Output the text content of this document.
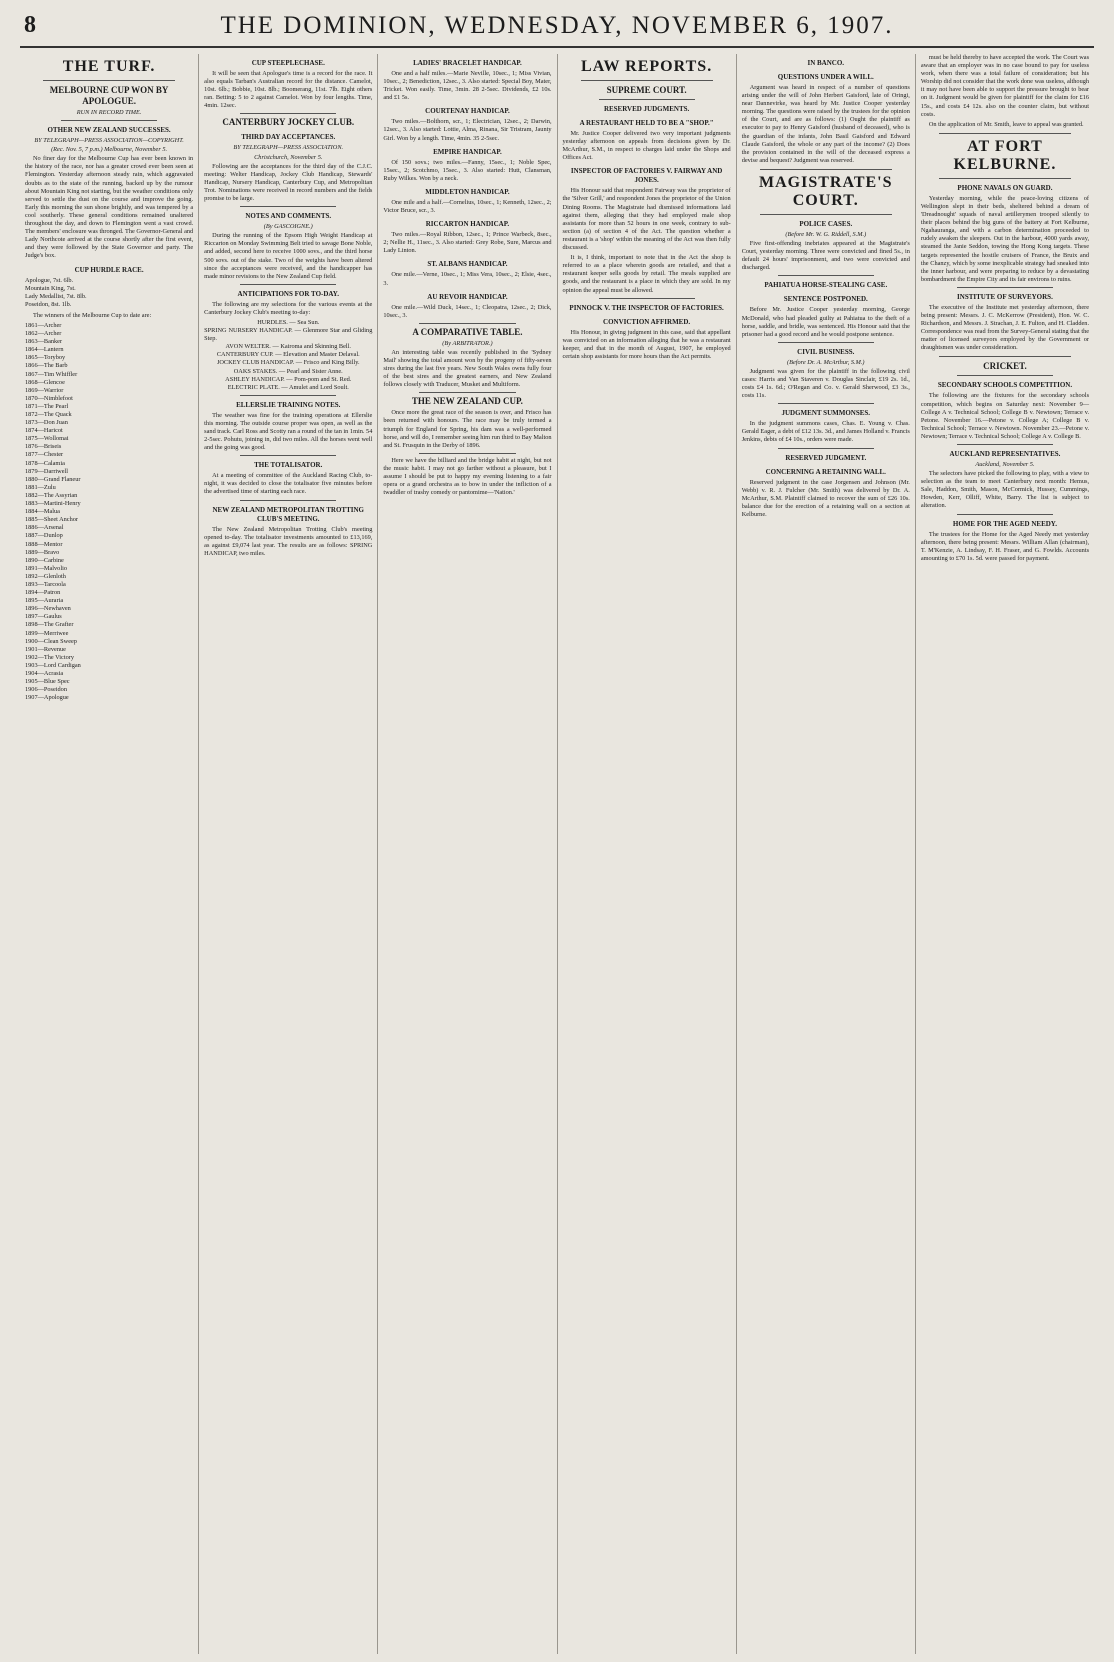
8	THE DOMINION, WEDNESDAY, NOVEMBER 6, 1907.
THE TURF.
MELBOURNE CUP WON BY APOLOGUE.
RUN IN RECORD TIME.
OTHER NEW ZEALAND SUCCESSES.
BY TELEGRAPH—PRESS ASSOCIATION—COPYRIGHT.
(Rec. Nov. 5, 7 p.m.) Melbourne, November 5.

No finer day for the Melbourne Cup has ever been known in the history of the race, nor has a greater crowd ever been seen at Flemington. Yesterday afternoon steady rain, which aggravated doubts as to the state of the running, backed up by the rumour about Mountain King not starting, but the weather conditions only served to settle the dust on the course and improve the going. Early this morning the sun shone brightly, and was tempered by a cool southerly. These general conditions remained unaltered throughout the day, and down to Flemington went a vast crowd. The members' enclosure was thronged. The Governor-General and Lady Northcote arrived at the course shortly after the first event, and they were followed by the State Governor and party. The Judge's box.

CUP HURDLE RACE.
Apologue, 7st. 6lb.
Mountain King, 7st.
Lady Medallist, 7st. 8lb.
Poseidon, 8st. 1lb.

The winners of the Melbourne Cup to date are:

1861—Archer
1862—Archer
1863—Banker
1864—Lantern
1865—Toryboy
1866—The Barb
1867—Tim Whiffler
1868—Glencoe
1869—Warrior
1870—Nimblefoot
1871—The Pearl
1872—The Quack
1873—Don Juan
1874—Haricot
1875—Wollomai
1876—Briseis
1877—Chester
1878—Calamia
1879—Darriwell
1880—Grand Flaneur
1881—Zulu
1882—The Assyrian
1883—Martini-Henry
1884—Malua
1885—Sheet Anchor
1886—Arsenal
1887—Dunlop
1888—Mentor
1889—Bravo
1890—Carbine
1891—Malvolio
1892—Glenloth
1893—Tarcoola
1894—Patron
1895—Auraria
1896—Newhaven
1897—Gaulus
1898—The Grafter
1899—Merriwee
1900—Clean Sweep
1901—Revenue
1902—The Victory
1903—Lord Cardigan
1904—Acrasia
1905—Blue Spec
1906—Poseidon
1907—Apologue
CUP STEEPLECHASE.

It will be seen that Apologue's time is a record for the race. It also equals Tarban's Australian record for the distance. Camelot, 10st. 6lb.; Bobbie, 10st. 8lb.; Boomerang, 11st. 7lb. Eight others ran. Betting: 5 to 2 against Camelot. Won by four lengths. Time, 4min. 12sec.

CANTERBURY JOCKEY CLUB.
THIRD DAY ACCEPTANCES.
BY TELEGRAPH—PRESS ASSOCIATION.
Christchurch, November 5.

Following are the acceptances for the third day of the C.J.C. meeting: Welter Handicap, Jockey Club Handicap, Stewards' Handicap, Nursery Handicap, Canterbury Cup, and Metropolitan Trot. Nominations were received in record numbers and the fields promise to be large.

NOTES AND COMMENTS.
(By GASCOIGNE.)

During the running of the Epsom High Weight Handicap at Riccarton on Monday Swimming Belt tried to savage Bone Noble, and added, second here to receive 1000 sovs., and the third horse 500 sovs. out of the stake. Two of the weights have been altered since the acceptances were received, and the handicapper has made minor revisions to the New Zealand Cup field.

ANTICIPATIONS FOR TO-DAY.

The following are my selections for the various events at the Canterbury Jockey Club's meeting to-day:

HURDLES. — Sea Sun.
SPRING NURSERY HANDICAP. — Glenmore Star and Gliding Step.
AVON WELTER. — Kairoma and Skinning Bell.
CANTERBURY CUP. — Elevation and Master Delaval.
JOCKEY CLUB HANDICAP. — Frisco and King Billy.
OAKS STAKES. — Pearl and Sister Anne.
ASHLEY HANDICAP. — Pom-pom and St. Red.
ELECTRIC PLATE. — Amulet and Lord Soult.
ELLERSLIE TRAINING NOTES.

The weather was fine for the training operations at Ellerslie this morning. The outside course proper was open, as well as the sand track. Carl Ross and Scotty ran a round of the tan in 1min. 54 2-5sec. Pohutu, joining in, did two miles. All the horses went well and the going was good.

THE TOTALISATOR.

At a meeting of committee of the Auckland Racing Club, to-night, it was decided to close the totalisator five minutes before the advertised time of starting each race.

NEW ZEALAND METROPOLITAN TROTTING CLUB'S MEETING.

The New Zealand Metropolitan Trotting Club's meeting opened to-day. The totalisator investments amounted to £13,169, as against £9,074 last year. The results are as follows: SPRING HANDICAP, two miles.

LADIES' BRACELET HANDICAP.

One and a half miles.—Marie Neville, 10sec., 1; Miss Vivian, 10sec., 2; Benediction, 12sec., 3. Also started: Special Boy, Mater, Tricket. Won easily. Time, 3min. 28 2-5sec. Dividends, £2 10s. and £1 5s.

COURTENAY HANDICAP.

Two miles.—Bolthorn, scr., 1; Electrician, 12sec., 2; Darwin, 12sec., 3. Also started: Lottie, Alma, Rinana, Sir Tristram, Jaunty Girl. Won by a length. Time, 4min. 35 2-5sec.

EMPIRE HANDICAP.

Of 150 sovs.; two miles.—Fanny, 15sec., 1; Noble Spec, 15sec., 2; Scotchmo, 15sec., 3. Also started: Hutt, Clansman, Ruby Wilkes. Won by a neck.

MIDDLETON HANDICAP.

One mile and a half.—Cornelius, 10sec., 1; Kenneth, 12sec., 2; Victor Bruce, scr., 3.

RICCARTON HANDICAP.

Two miles.—Royal Ribbon, 12sec., 1; Prince Warbeck, 8sec., 2; Nellie H., 11sec., 3. Also started: Grey Robe, Sure, Marcus and Lady Linton.

ST. ALBANS HANDICAP.

One mile.—Verne, 10sec., 1; Miss Vera, 10sec., 2; Elsie, 4sec., 3.

AU REVOIR HANDICAP.

One mile.—Wild Duck, 14sec., 1; Cleopatra, 12sec., 2; Dick, 10sec., 3.

A COMPARATIVE TABLE.
(By ARBITRATOR.)

An interesting table was recently published in the 'Sydney Mail' showing the total amount won by the progeny of fifty-seven sires during the last five years. New South Wales owns fully four of the best sires and the greatest earners, and New Zealand follows closely with Traducer, Musket and Multiform.

THE NEW ZEALAND CUP.

Once more the great race of the season is over, and Frisco has been returned with honours. The race may be truly termed a triumph for England for Spring, his dam was a well-performed horse, and will do, I remember seeing him run third to Bay Malton and St. Frusquin in the Derby of 1896.

Here we have the billiard and the bridge habit at night, but not the music habit. I may not go farther without a pleasure, but I assume I should be put to happy my evening listening to a fair opera or a grand orchestra as to bow in under the infliction of a twaddler of trashy comedy or pantomime—'Nation.'

LAW REPORTS.
SUPREME COURT.
RESERVED JUDGMENTS.
A RESTAURANT HELD TO BE A "SHOP."

Mr. Justice Cooper delivered two very important judgments yesterday afternoon on appeals from decisions given by Dr. McArthur, S.M., in respect to charges laid under the Shops and Offices Act.

INSPECTOR OF FACTORIES V. FAIRWAY AND JONES.

His Honour said that respondent Fairway was the proprietor of the 'Silver Grill,' and respondent Jones the proprietor of the Union Dining Rooms. The Magistrate had dismissed informations laid against them, alleging that they had employed male shop assistants for more than 52 hours in one week, contrary to sub-section (a) of section 4 of the Act. The question whether a restaurant is a 'shop' within the meaning of the Act was then fully discussed.

It is, I think, important to note that in the Act the shop is referred to as a place wherein goods are retailed, and that a restaurant keeper sells goods by retail. The meals supplied are goods, and the restaurant is a place in which they are sold. In my opinion the appeal must be allowed.

PINNOCK V. THE INSPECTOR OF FACTORIES.
CONVICTION AFFIRMED.

His Honour, in giving judgment in this case, said that appellant was convicted on an information alleging that he was a restaurant keeper, and that in the month of August, 1907, he employed certain shop assistants for more hours than the Act permits.

IN BANCO.
QUESTIONS UNDER A WILL.

Argument was heard in respect of a number of questions arising under the will of John Herbert Gaisford, late of Oringi, near Dannevirke, was heard by Mr. Justice Cooper yesterday morning. The questions were raised by the trustees for the opinion of the Court, and are as follows: (1) Ought the plaintiff as executor to pay to Henry Gaisford (husband of deceased), who is the guardian of the infants, John Basil Gaisford and Edward Claude Gaisford, the whole or any part of the income? (2) Does the provision contained in the will of the deceased express a devise and bequest? Judgment was reserved.

MAGISTRATE'S COURT.
POLICE CASES.
(Before Mr. W. G. Riddell, S.M.)

Five first-offending inebriates appeared at the Magistrate's Court, yesterday morning. Three were convicted and fined 5s., in default 24 hours' imprisonment, and two were convicted and discharged.

PAHIATUA HORSE-STEALING CASE.
SENTENCE POSTPONED.

Before Mr. Justice Cooper yesterday morning, George McDonald, who had pleaded guilty at Pahiatua to the theft of a horse, saddle, and bridle, was sentenced. His Honour said that the prisoner had a good record and he would postpone sentence.

CIVIL BUSINESS.
(Before Dr. A. McArthur, S.M.)

Judgment was given for the plaintiff in the following civil cases: Harris and Van Staveren v. Douglas Sinclair, £19 2s. 1d., costs £4 1s. 6d.; O'Regan and Co. v. Gerald Sherwood, £3 3s., costs 11s.

JUDGMENT SUMMONSES.

In the judgment summons cases, Chas. E. Young v. Chas. Gerald Eager, a debt of £12 13s. 3d., and James Holland v. Francis Jenkins, debts of £4 10s., orders were made.

RESERVED JUDGMENT.
CONCERNING A RETAINING WALL.

Reserved judgment in the case Jorgensen and Johnson (Mr. Webb) v. R. J. Fulcher (Mr. Smith) was delivered by Dr. A. McArthur, S.M. Plaintiff claimed to recover the sum of £26 10s. balance due for the erection of a retaining wall on a section at Kelburne.

must be held thereby to have accepted the work. The Court was aware that an employer was in no case bound to pay for useless work, when there was a total failure of consideration; but his Worship did not consider that the work done was useless, although it may not have been able to support the pressure brought to bear on it. Judgment would be given for plaintiff for the claim for £16 15s., and costs £4 12s. also on the counter claim, but without costs.

On the application of Mr. Smith, leave to appeal was granted.

AT FORT KELBURNE.
PHONE NAVALS ON GUARD.

Yesterday morning, while the peace-loving citizens of Wellington slept in their beds, sheltered behind a dream of 'Dreadnought' squads of naval artillerymen trooped silently to their places behind the big guns of the battery at Fort Kelburne, Ngahauranga, and with a carbon determination proceeded to rudely awaken the sleepers. Out in the harbour, 4000 yards away, steamed the Janie Seddon, towing the Hong Kong targets. These targets represented the hostile cruisers of France, the Bruix and the Chanzy, which by some inexplicable strategy had sneaked into the inner harbour, and were preparing to reduce by a devastating bombardment the Empire City and its fair environs to ruins.

INSTITUTE OF SURVEYORS.

The executive of the Institute met yesterday afternoon, there being present: Messrs. J. C. McKerrow (President), Hon. W. C. Richardson, and Messrs. J. Strachan, J. E. Fulton, and H. Cladden. Correspondence was read from the Survey-General stating that the matter of licensed surveyors employed by the Government or draughtsmen was under consideration.

CRICKET.
SECONDARY SCHOOLS COMPETITION.

The following are the fixtures for the secondary schools competition, which begins on Saturday next: November 9—College A v. Technical School; College B v. Newtown; Terrace v. Petone. November 16.—Petone v. College A; College B v. Technical School; Terrace v. Newtown. November 23.—Petone v. Newtown; Terrace v. Technical School; College A v. College B.

AUCKLAND REPRESENTATIVES.
Auckland, November 5.

The selectors have picked the following to play, with a view to selection as the team to meet Canterbury next month: Hemus, Sale, Haddon, Smith, Mason, McCormick, Hussey, Cummings, Howden, Kerr, Olliff, White, Barry. The list is subject to alteration.

HOME FOR THE AGED NEEDY.

The trustees for the Home for the Aged Needy met yesterday afternoon, there being present: Messrs. William Allan (chairman), T. M'Kenzie, A. Lindsay, F. H. Fraser, and G. Fowlds. Accounts amounting to £70 1s. 5d. were passed for payment.
